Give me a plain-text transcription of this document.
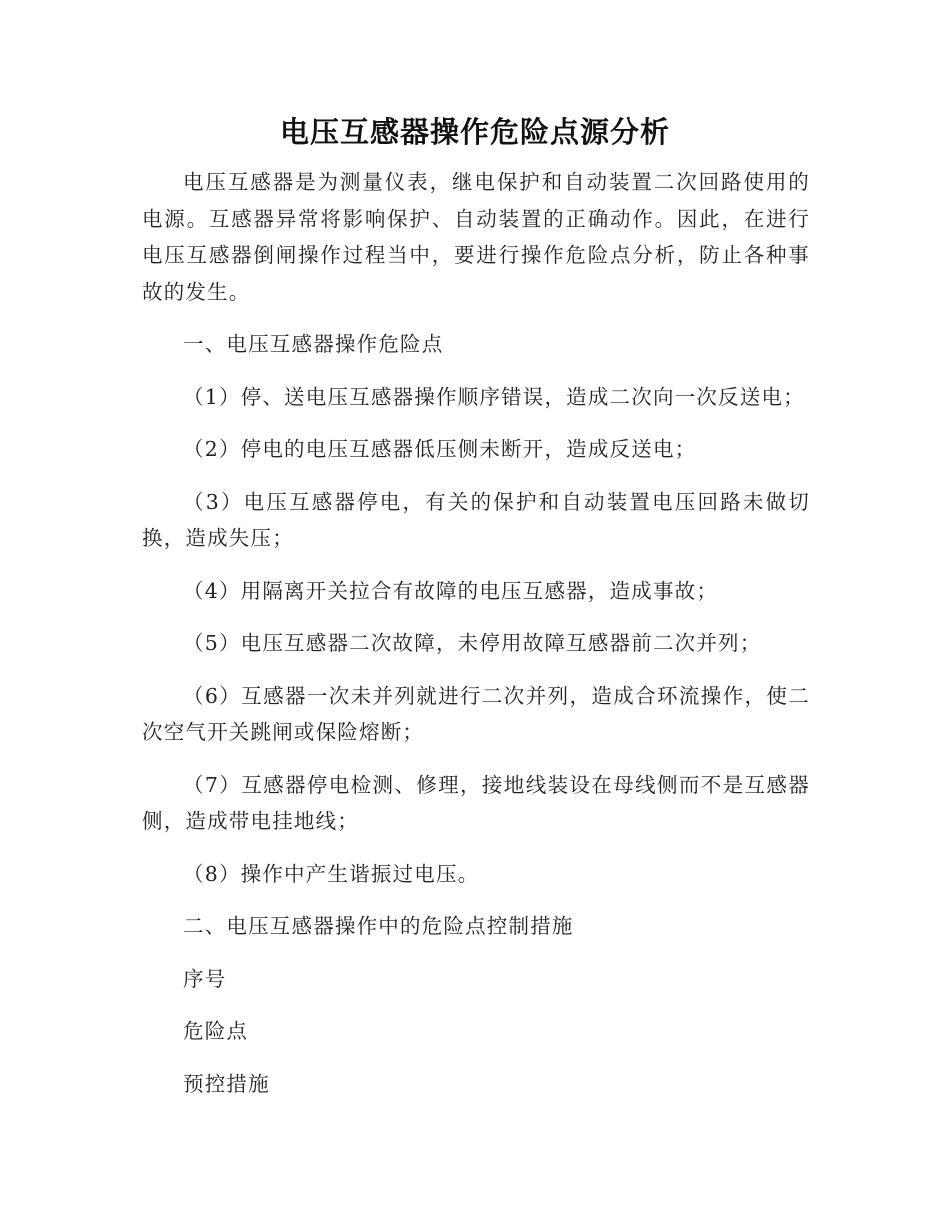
电压互感器操作危险点源分析

电压互感器是为测量仪表，继电保护和自动装置二次回路使用的电源。互感器异常将影响保护、自动装置的正确动作。因此，在进行电压互感器倒闸操作过程当中，要进行操作危险点分析，防止各种事故的发生。

一、电压互感器操作危险点

（1）停、送电压互感器操作顺序错误，造成二次向一次反送电；

（2）停电的电压互感器低压侧未断开，造成反送电；

（3）电压互感器停电，有关的保护和自动装置电压回路未做切换，造成失压；

（4）用隔离开关拉合有故障的电压互感器，造成事故；

（5）电压互感器二次故障，未停用故障互感器前二次并列；

（6）互感器一次未并列就进行二次并列，造成合环流操作，使二次空气开关跳闸或保险熔断；

（7）互感器停电检测、修理，接地线装设在母线侧而不是互感器侧，造成带电挂地线；

（8）操作中产生谐振过电压。

二、电压互感器操作中的危险点控制措施

序号

危险点

预控措施
